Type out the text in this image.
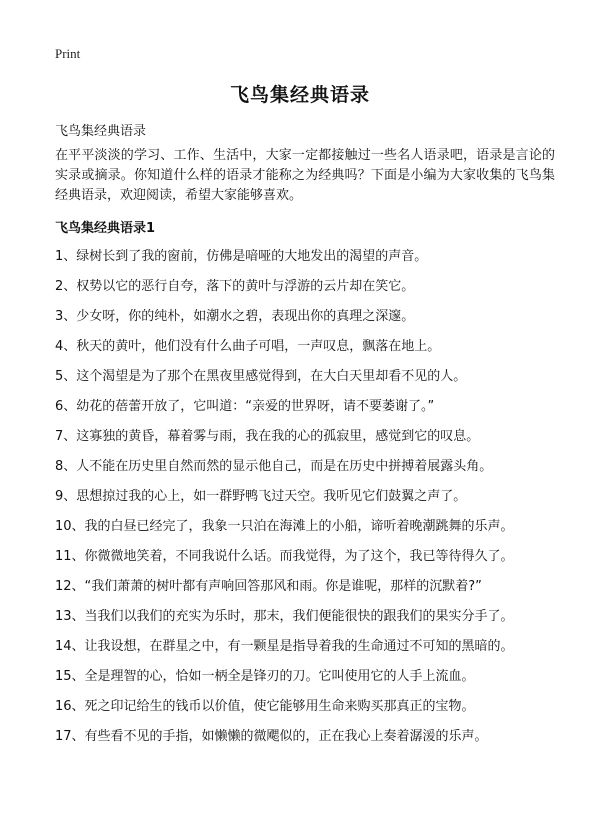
Print
飞鸟集经典语录
飞鸟集经典语录
在平平淡淡的学习、工作、生活中，大家一定都接触过一些名人语录吧，语录是言论的实录或摘录。你知道什么样的语录才能称之为经典吗？下面是小编为大家收集的飞鸟集经典语录，欢迎阅读，希望大家能够喜欢。
飞鸟集经典语录1
1、绿树长到了我的窗前，仿佛是喑哑的大地发出的渴望的声音。
2、权势以它的恶行自夸，落下的黄叶与浮游的云片却在笑它。
3、少女呀，你的纯朴，如潮水之碧，表现出你的真理之深邃。
4、秋天的黄叶，他们没有什么曲子可唱，一声叹息，飘落在地上。
5、这个渴望是为了那个在黑夜里感觉得到，在大白天里却看不见的人。
6、幼花的蓓蕾开放了，它叫道：“亲爱的世界呀，请不要萎谢了。”
7、这寡独的黄昏，幕着雾与雨，我在我的心的孤寂里，感觉到它的叹息。
8、人不能在历史里自然而然的显示他自己，而是在历史中拼搏着展露头角。
9、思想掠过我的心上，如一群野鸭飞过天空。我听见它们鼓翼之声了。
10、我的白昼已经完了，我象一只泊在海滩上的小船，谛听着晚潮跳舞的乐声。
11、你微微地笑着，不同我说什么话。而我觉得，为了这个，我已等待得久了。
12、“我们萧萧的树叶都有声响回答那风和雨。你是谁呢，那样的沉默着?”
13、当我们以我们的充实为乐时，那末，我们便能很快的跟我们的果实分手了。
14、让我设想，在群星之中，有一颗星是指导着我的生命通过不可知的黑暗的。
15、全是理智的心，恰如一柄全是锋刃的刀。它叫使用它的人手上流血。
16、死之印记给生的钱币以价值，使它能够用生命来购买那真正的宝物。
17、有些看不见的手指，如懒懒的微飔似的，正在我心上奏着潺湲的乐声。
